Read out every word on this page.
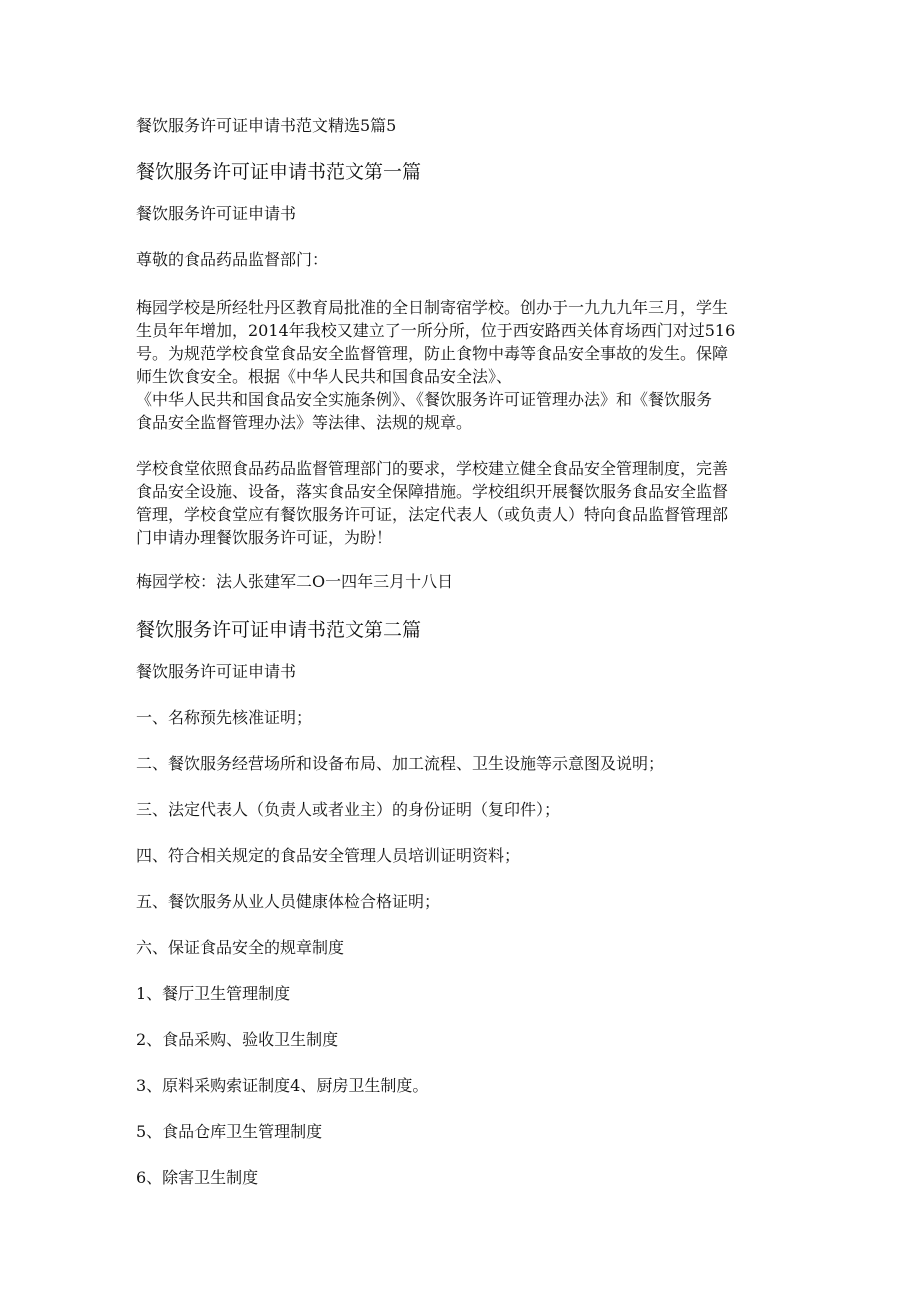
餐饮服务许可证申请书范文精选5篇5
餐饮服务许可证申请书范文第一篇
餐饮服务许可证申请书
尊敬的食品药品监督部门：
梅园学校是所经牡丹区教育局批准的全日制寄宿学校。创办于一九九九年三月，学生
生员年年增加，2014年我校又建立了一所分所，位于西安路西关体育场西门对过516
号。为规范学校食堂食品安全监督管理，防止食物中毒等食品安全事故的发生。保障
师生饮食安全。根据《中华人民共和国食品安全法》、
《中华人民共和国食品安全实施条例》、《餐饮服务许可证管理办法》和《餐饮服务
食品安全监督管理办法》等法律、法规的规章。
学校食堂依照食品药品监督管理部门的要求，学校建立健全食品安全管理制度，完善
食品安全设施、设备，落实食品安全保障措施。学校组织开展餐饮服务食品安全监督
管理，学校食堂应有餐饮服务许可证，法定代表人（或负责人）特向食品监督管理部
门申请办理餐饮服务许可证，为盼！
梅园学校：法人张建军二O一四年三月十八日
餐饮服务许可证申请书范文第二篇
餐饮服务许可证申请书
一、名称预先核准证明；
二、餐饮服务经营场所和设备布局、加工流程、卫生设施等示意图及说明；
三、法定代表人（负责人或者业主）的身份证明（复印件）；
四、符合相关规定的食品安全管理人员培训证明资料；
五、餐饮服务从业人员健康体检合格证明；
六、保证食品安全的规章制度
1、餐厅卫生管理制度
2、食品采购、验收卫生制度
3、原料采购索证制度4、厨房卫生制度。
5、食品仓库卫生管理制度
6、除害卫生制度
